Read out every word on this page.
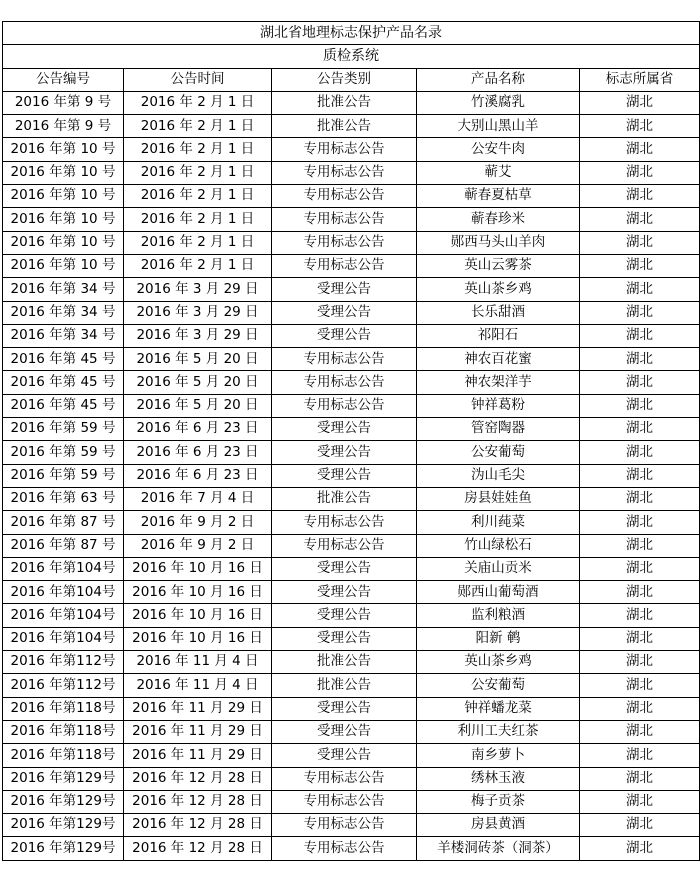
湖北省地理标志保护产品名录				
质检系统				
公告编号	公告时间	公告类别	产品名称	标志所属省
2016 年第 9 号	2016 年 2 月 1 日	批准公告	竹溪腐乳	湖北
2016 年第 9 号	2016 年 2 月 1 日	批准公告	大别山黑山羊	湖北
2016 年第 10 号	2016 年 2 月 1 日	专用标志公告	公安牛肉	湖北
2016 年第 10 号	2016 年 2 月 1 日	专用标志公告	蕲艾	湖北
2016 年第 10 号	2016 年 2 月 1 日	专用标志公告	蕲春夏枯草	湖北
2016 年第 10 号	2016 年 2 月 1 日	专用标志公告	蕲春珍米	湖北
2016 年第 10 号	2016 年 2 月 1 日	专用标志公告	郧西马头山羊肉	湖北
2016 年第 10 号	2016 年 2 月 1 日	专用标志公告	英山云雾茶	湖北
2016 年第 34 号	2016 年 3 月 29 日	受理公告	英山茶乡鸡	湖北
2016 年第 34 号	2016 年 3 月 29 日	受理公告	长乐甜酒	湖北
2016 年第 34 号	2016 年 3 月 29 日	受理公告	祁阳石	湖北
2016 年第 45 号	2016 年 5 月 20 日	专用标志公告	神农百花蜜	湖北
2016 年第 45 号	2016 年 5 月 20 日	专用标志公告	神农架洋芋	湖北
2016 年第 45 号	2016 年 5 月 20 日	专用标志公告	钟祥葛粉	湖北
2016 年第 59 号	2016 年 6 月 23 日	受理公告	管窑陶器	湖北
2016 年第 59 号	2016 年 6 月 23 日	受理公告	公安葡萄	湖北
2016 年第 59 号	2016 年 6 月 23 日	受理公告	沩山毛尖	湖北
2016 年第 63 号	2016 年 7 月 4 日	批准公告	房县娃娃鱼	湖北
2016 年第 87 号	2016 年 9 月 2 日	专用标志公告	利川莼菜	湖北
2016 年第 87 号	2016 年 9 月 2 日	专用标志公告	竹山绿松石	湖北
2016 年第104号	2016 年 10 月 16 日	受理公告	关庙山贡米	湖北
2016 年第104号	2016 年 10 月 16 日	受理公告	郧西山葡萄酒	湖北
2016 年第104号	2016 年 10 月 16 日	受理公告	监利粮酒	湖北
2016 年第104号	2016 年 10 月 16 日	受理公告	阳新 鹌	湖北
2016 年第112号	2016 年 11 月 4 日	批准公告	英山茶乡鸡	湖北
2016 年第112号	2016 年 11 月 4 日	批准公告	公安葡萄	湖北
2016 年第118号	2016 年 11 月 29 日	受理公告	钟祥蟠龙菜	湖北
2016 年第118号	2016 年 11 月 29 日	受理公告	利川工夫红茶	湖北
2016 年第118号	2016 年 11 月 29 日	受理公告	南乡萝卜	湖北
2016 年第129号	2016 年 12 月 28 日	专用标志公告	绣林玉液	湖北
2016 年第129号	2016 年 12 月 28 日	专用标志公告	梅子贡茶	湖北
2016 年第129号	2016 年 12 月 28 日	专用标志公告	房县黄酒	湖北
2016 年第129号	2016 年 12 月 28 日	专用标志公告	羊楼洞砖茶（洞茶）	湖北
